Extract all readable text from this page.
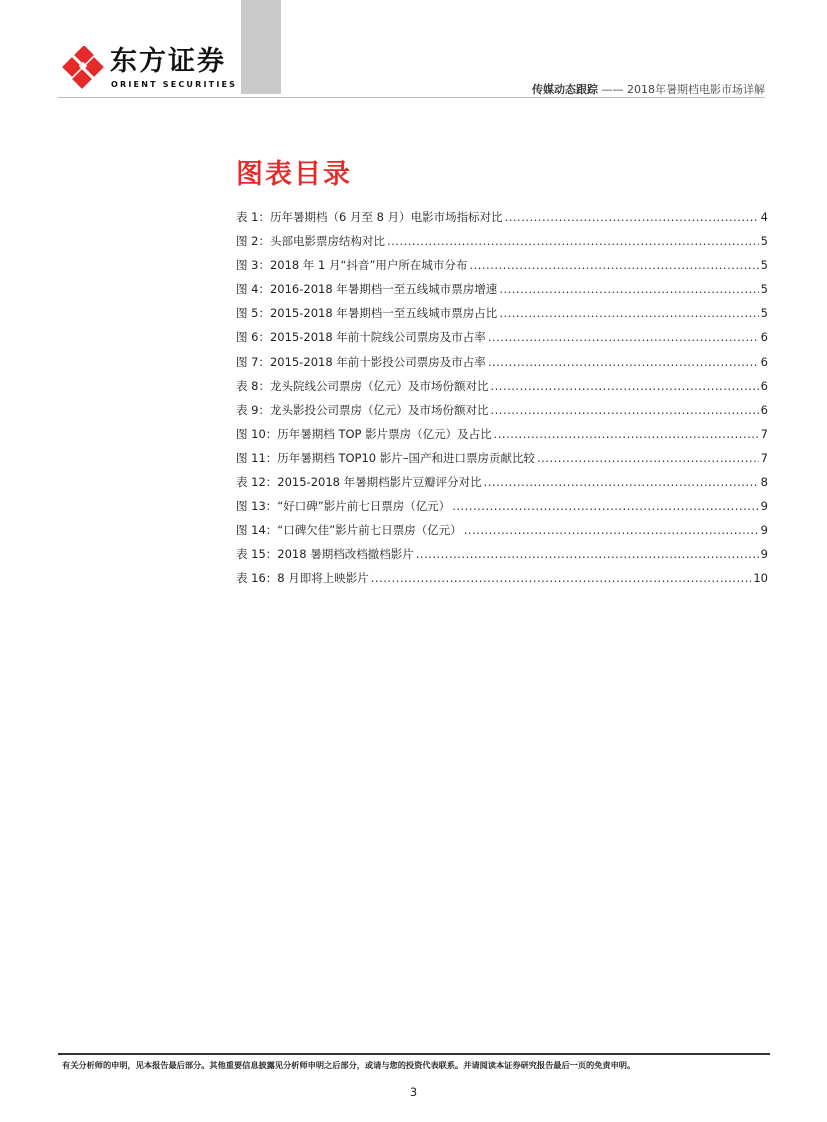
东方证券
ORIENT SECURITIES	传媒动态跟踪 —— 2018年暑期档电影市场详解
图表目录
表 1：历年暑期档（6 月至 8 月）电影市场指标对比 .....	4
图 2：头部电影票房结构对比 .....	5
图 3：2018 年 1 月“抖音”用户所在城市分布 .....	5
图 4：2016-2018 年暑期档一至五线城市票房增速 .....	5
图 5：2015-2018 年暑期档一至五线城市票房占比 .....	5
图 6：2015-2018 年前十院线公司票房及市占率 .....	6
图 7：2015-2018 年前十影投公司票房及市占率 .....	6
表 8：龙头院线公司票房（亿元）及市场份额对比 .....	6
表 9：龙头影投公司票房（亿元）及市场份额对比 .....	6
图 10：历年暑期档 TOP 影片票房（亿元）及占比 .....	7
图 11：历年暑期档 TOP10 影片–国产和进口票房贡献比较 .....	7
表 12：2015-2018 年暑期档影片豆瓣评分对比 .....	8
图 13：“好口碑”影片前七日票房（亿元） .....	9
图 14：“口碑欠佳”影片前七日票房（亿元） .....	9
表 15：2018 暑期档改档撤档影片 .....	9
表 16：8 月即将上映影片 .....	10
有关分析师的申明，见本报告最后部分。其他重要信息披露见分析师申明之后部分，或请与您的投资代表联系。并请阅读本证券研究报告最后一页的免责申明。
3
